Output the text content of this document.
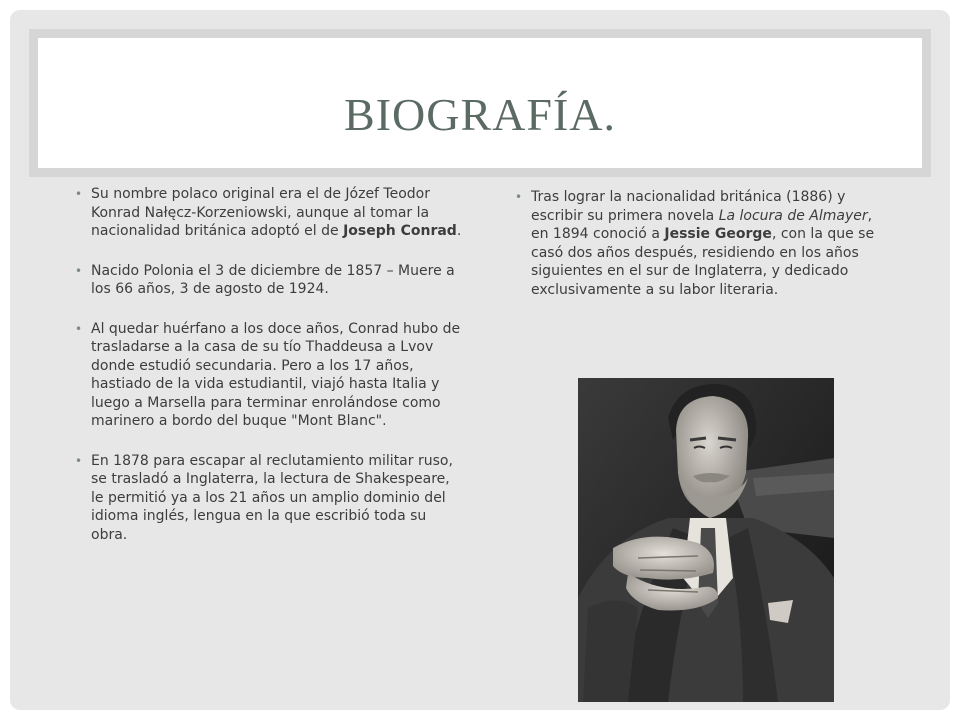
BIOGRAFÍA.
• Su nombre polaco original era el de Józef Teodor Konrad Nałęcz-Korzeniowski, aunque al tomar la nacionalidad británica adoptó el de Joseph Conrad.

• Nacido Polonia el 3 de diciembre de 1857 – Muere a los 66 años, 3 de agosto de 1924.

• Al quedar huérfano a los doce años, Conrad hubo de trasladarse a la casa de su tío Thaddeusa a Lvov donde estudió secundaria. Pero a los 17 años, hastiado de la vida estudiantil, viajó hasta Italia y luego a Marsella para terminar enrolándose como marinero a bordo del buque "Mont Blanc".

• En 1878 para escapar al reclutamiento militar ruso, se trasladó a Inglaterra, la lectura de Shakespeare, le permitió ya a los 21 años un amplio dominio del idioma inglés, lengua en la que escribió toda su obra.

• Tras lograr la nacionalidad británica (1886) y escribir su primera novela La locura de Almayer, en 1894 conoció a Jessie George, con la que se casó dos años después, residiendo en los años siguientes en el sur de Inglaterra, y dedicado exclusivamente a su labor literaria.
